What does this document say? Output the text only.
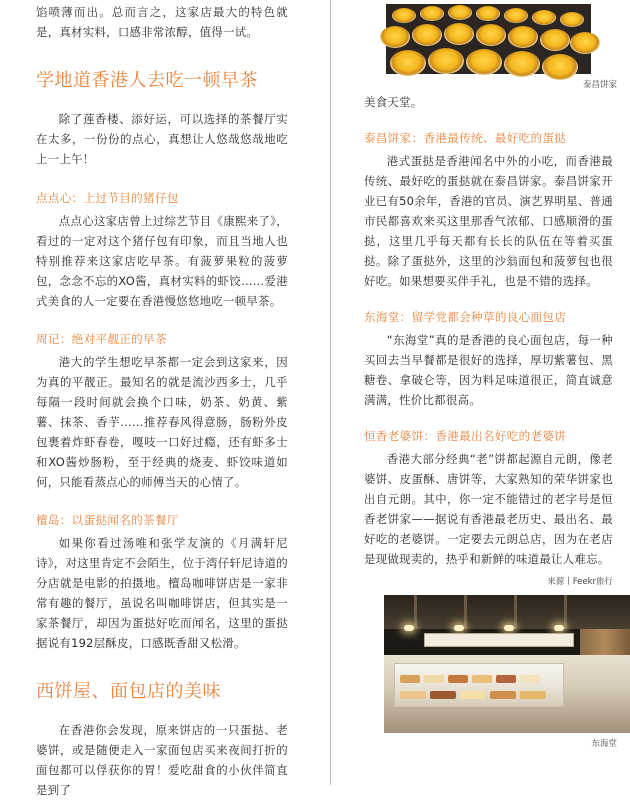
馅喷薄而出。总而言之，这家店最大的特色就是，真材实料，口感非常浓醇，值得一试。

学地道香港人去吃一顿早茶

除了莲香楼、添好运，可以选择的茶餐厅实在太多，一份份的点心，真想让人悠哉悠哉地吃上一上午！

点点心：上过节目的猪仔包

点点心这家店曾上过综艺节目《康熙来了》，看过的一定对这个猪仔包有印象，而且当地人也特别推荐来这家店吃早茶。有菠萝果粒的菠萝包，念念不忘的XO酱，真材实料的虾饺……爱港式美食的人一定要在香港慢悠悠地吃一顿早茶。

周记：绝对平靓正的早茶

港大的学生想吃早茶都一定会到这家来，因为真的平靓正。最知名的就是流沙西多士，几乎每隔一段时间就会换个口味，奶茶、奶黄、紫薯、抹茶、香芋……推荐春风得意肠，肠粉外皮包裹着炸虾春卷，嘎吱一口好过瘾，还有虾多士和XO酱炒肠粉，至于经典的烧麦、虾饺味道如何，只能看蒸点心的师傅当天的心情了。

檀岛：以蛋挞闻名的茶餐厅

如果你看过汤唯和张学友演的《月满轩尼诗》，对这里肯定不会陌生，位于湾仔轩尼诗道的分店就是电影的拍摄地。檀岛咖啡饼店是一家非常有趣的餐厅，虽说名叫咖啡饼店，但其实是一家茶餐厅，却因为蛋挞好吃而闻名，这里的蛋挞据说有192层酥皮，口感既香甜又松滑。

西饼屋、面包店的美味

在香港你会发现，原来饼店的一只蛋挞、老婆饼，或是随便走入一家面包店买来夜间打折的面包都可以俘获你的胃！爱吃甜食的小伙伴简直是到了

泰昌饼家

美食天堂。

泰昌饼家：香港最传统、最好吃的蛋挞

港式蛋挞是香港闻名中外的小吃，而香港最传统、最好吃的蛋挞就在泰昌饼家。泰昌饼家开业已有50余年，香港的官员、演艺界明星、普通市民都喜欢来买这里那香气浓郁、口感顺滑的蛋挞，这里几乎每天都有长长的队伍在等着买蛋挞。除了蛋挞外，这里的沙翁面包和菠萝包也很好吃。如果想要买伴手礼，也是不错的选择。

东海堂：留学党都会种草的良心面包店

“东海堂”真的是香港的良心面包店，每一种买回去当早餐都是很好的选择，厚切紫薯包、黑糖卷、拿破仑等，因为料足味道很正，简直诚意满满，性价比都很高。

恒香老婆饼：香港最出名好吃的老婆饼

香港大部分经典“老”饼都起源自元朗，像老婆饼、皮蛋酥、唐饼等，大家熟知的荣华饼家也出自元朗。其中，你一定不能错过的老字号是恒香老饼家——据说有香港最老历史、最出名、最好吃的老婆饼。一定要去元朗总店，因为在老店是现做现卖的，热乎和新鲜的味道最让人难忘。

来源丨Feekr旅行
东海堂
